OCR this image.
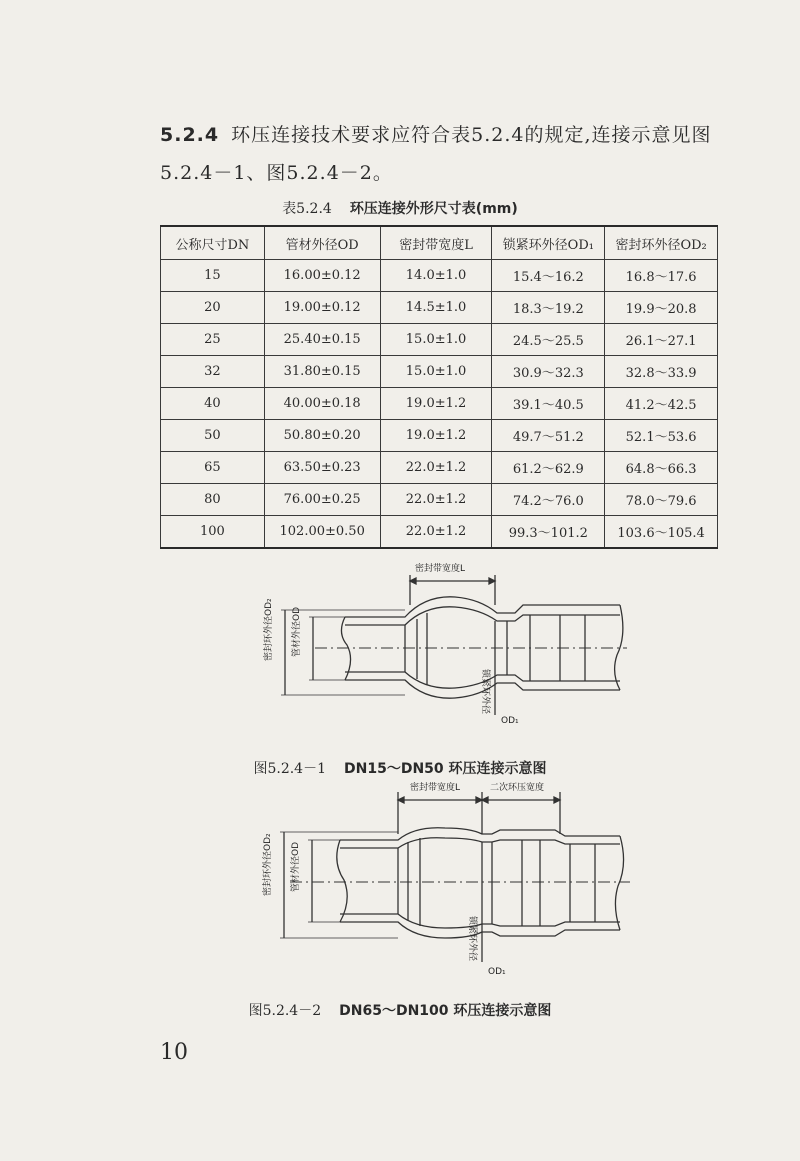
5.2.4 环压连接技术要求应符合表5.2.4的规定,连接示意见图
5.2.4－1、图5.2.4－2。
表5.2.4 环压连接外形尺寸表(mm)
公称尺寸DN	管材外径OD	密封带宽度L	锁紧环外径OD₁	密封环外径OD₂
15	16.00±0.12	14.0±1.0	15.4～16.2	16.8～17.6
20	19.00±0.12	14.5±1.0	18.3～19.2	19.9～20.8
25	25.40±0.15	15.0±1.0	24.5～25.5	26.1～27.1
32	31.80±0.15	15.0±1.0	30.9～32.3	32.8～33.9
40	40.00±0.18	19.0±1.2	39.1～40.5	41.2～42.5
50	50.80±0.20	19.0±1.2	49.7～51.2	52.1～53.6
65	63.50±0.23	22.0±1.2	61.2～62.9	64.8～66.3
80	76.00±0.25	22.0±1.2	74.2～76.0	78.0～79.6
100	102.00±0.50	22.0±1.2	99.3～101.2	103.6～105.4
密封带宽度L
密封环外径OD₂ 管材外径OD
锁紧环外径
OD₁
图5.2.4－1 DN15～DN50 环压连接示意图
密封带宽度L	二次环压宽度
密封环外径OD₂ 管材外径OD
锁紧环外径
OD₁
图5.2.4－2 DN65～DN100 环压连接示意图
10
